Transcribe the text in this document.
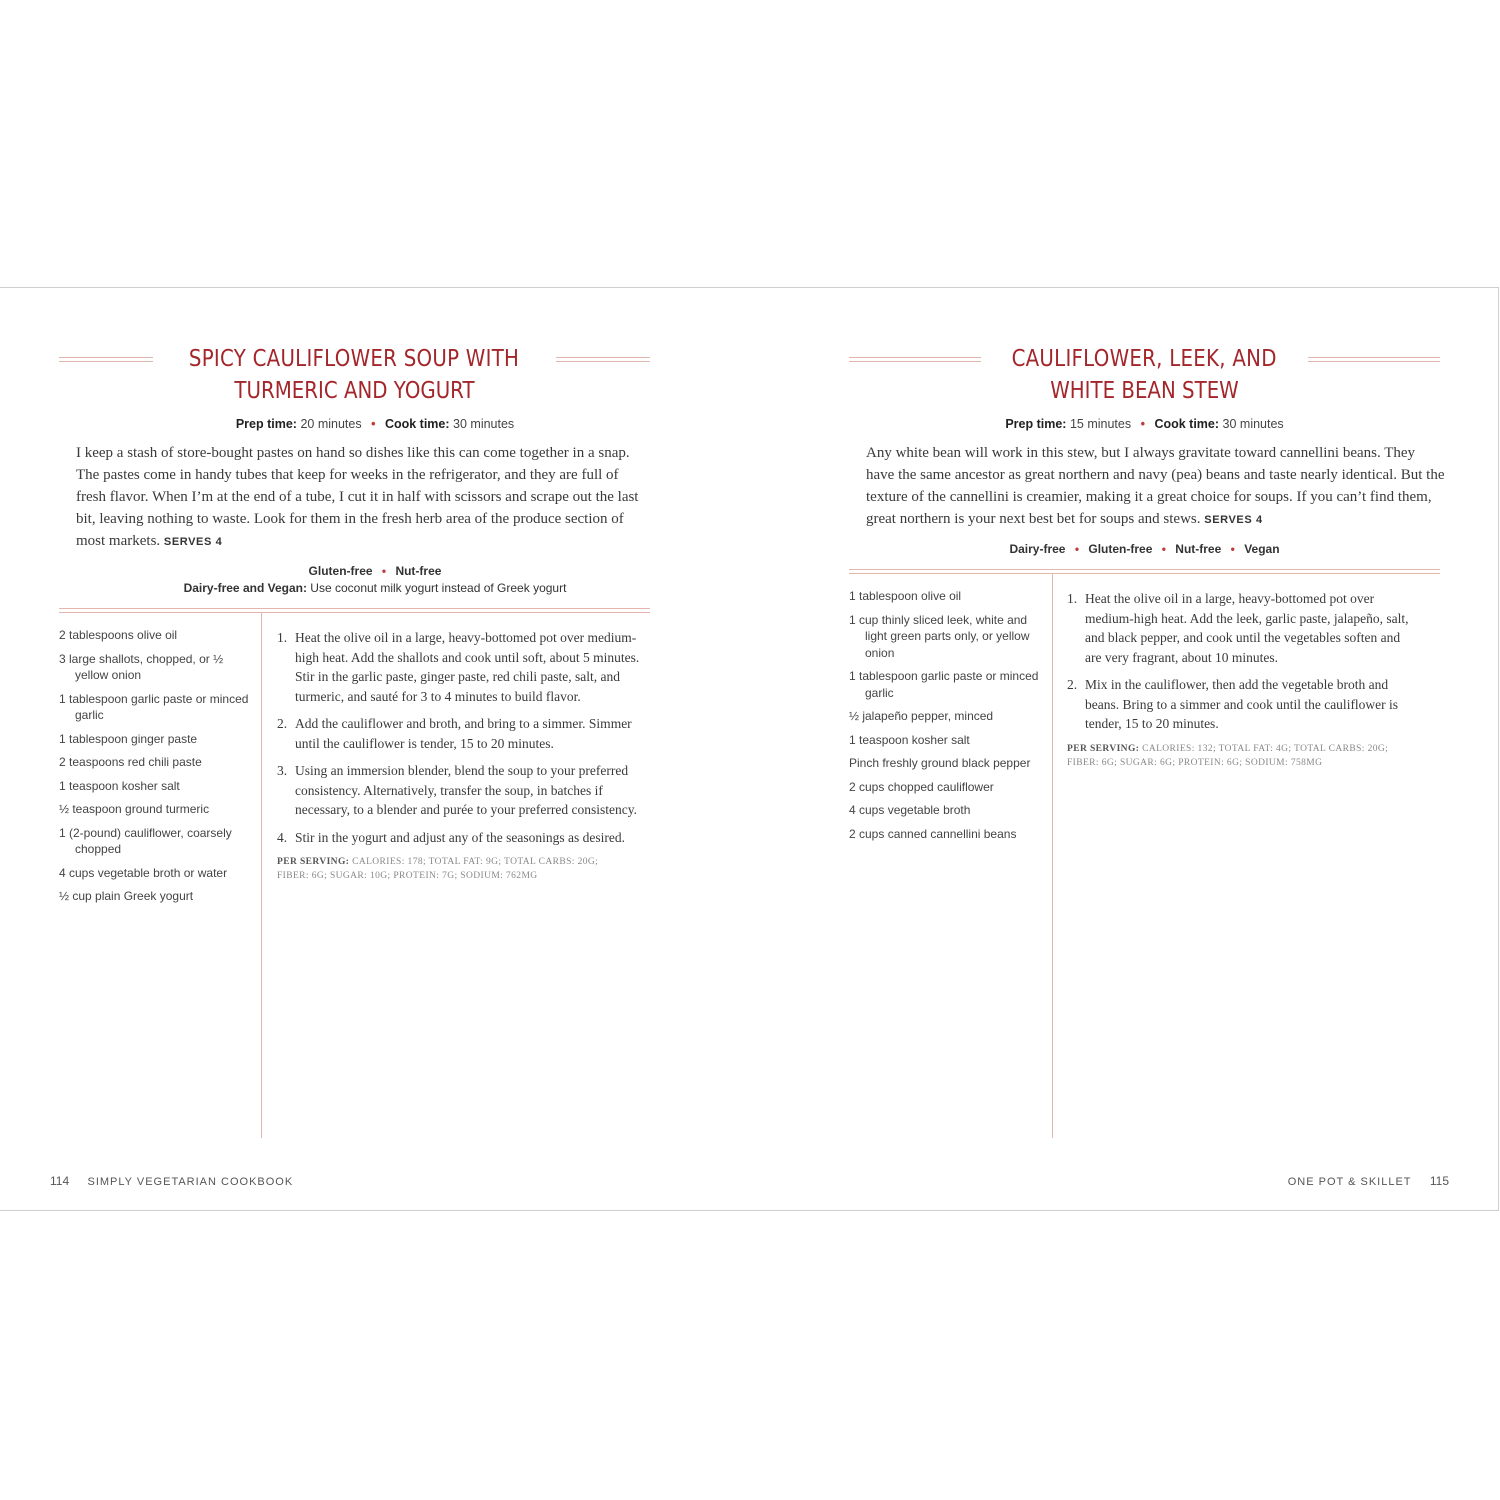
SPICY CAULIFLOWER SOUP WITH
TURMERIC AND YOGURT
Prep time: 20 minutes • Cook time: 30 minutes
I keep a stash of store-bought pastes on hand so dishes like this can come together in a snap. The pastes come in handy tubes that keep for weeks in the refrigerator, and they are full of fresh flavor. When I’m at the end of a tube, I cut it in half with scissors and scrape out the last bit, leaving nothing to waste. Look for them in the fresh herb area of the produce section of most markets. SERVES 4
Gluten-free • Nut-free
Dairy-free and Vegan: Use coconut milk yogurt instead of Greek yogurt
2 tablespoons olive oil
3 large shallots, chopped, or ½ yellow onion
1 tablespoon garlic paste or minced garlic
1 tablespoon ginger paste
2 teaspoons red chili paste
1 teaspoon kosher salt
½ teaspoon ground turmeric
1 (2-pound) cauliflower, coarsely chopped
4 cups vegetable broth or water
½ cup plain Greek yogurt
1. Heat the olive oil in a large, heavy-bottomed pot over medium-high heat. Add the shallots and cook until soft, about 5 minutes. Stir in the garlic paste, ginger paste, red chili paste, salt, and turmeric, and sauté for 3 to 4 minutes to build flavor.
2. Add the cauliflower and broth, and bring to a simmer. Simmer until the cauliflower is tender, 15 to 20 minutes.
3. Using an immersion blender, blend the soup to your preferred consistency. Alternatively, transfer the soup, in batches if necessary, to a blender and purée to your preferred consistency.
4. Stir in the yogurt and adjust any of the seasonings as desired.
PER SERVING: CALORIES: 178; TOTAL FAT: 9G; TOTAL CARBS: 20G; FIBER: 6G; SUGAR: 10G; PROTEIN: 7G; SODIUM: 762MG
114 SIMPLY VEGETARIAN COOKBOOK
CAULIFLOWER, LEEK, AND
WHITE BEAN STEW
Prep time: 15 minutes • Cook time: 30 minutes
Any white bean will work in this stew, but I always gravitate toward cannellini beans. They have the same ancestor as great northern and navy (pea) beans and taste nearly identical. But the texture of the cannellini is creamier, making it a great choice for soups. If you can’t find them, great northern is your next best bet for soups and stews. SERVES 4
Dairy-free • Gluten-free • Nut-free • Vegan
1 tablespoon olive oil
1 cup thinly sliced leek, white and light green parts only, or yellow onion
1 tablespoon garlic paste or minced garlic
½ jalapeño pepper, minced
1 teaspoon kosher salt
Pinch freshly ground black pepper
2 cups chopped cauliflower
4 cups vegetable broth
2 cups canned cannellini beans
1. Heat the olive oil in a large, heavy-bottomed pot over medium-high heat. Add the leek, garlic paste, jalapeño, salt, and black pepper, and cook until the vegetables soften and are very fragrant, about 10 minutes.
2. Mix in the cauliflower, then add the vegetable broth and beans. Bring to a simmer and cook until the cauliflower is tender, 15 to 20 minutes.
PER SERVING: CALORIES: 132; TOTAL FAT: 4G; TOTAL CARBS: 20G; FIBER: 6G; SUGAR: 6G; PROTEIN: 6G; SODIUM: 758MG
ONE POT & SKILLET 115
